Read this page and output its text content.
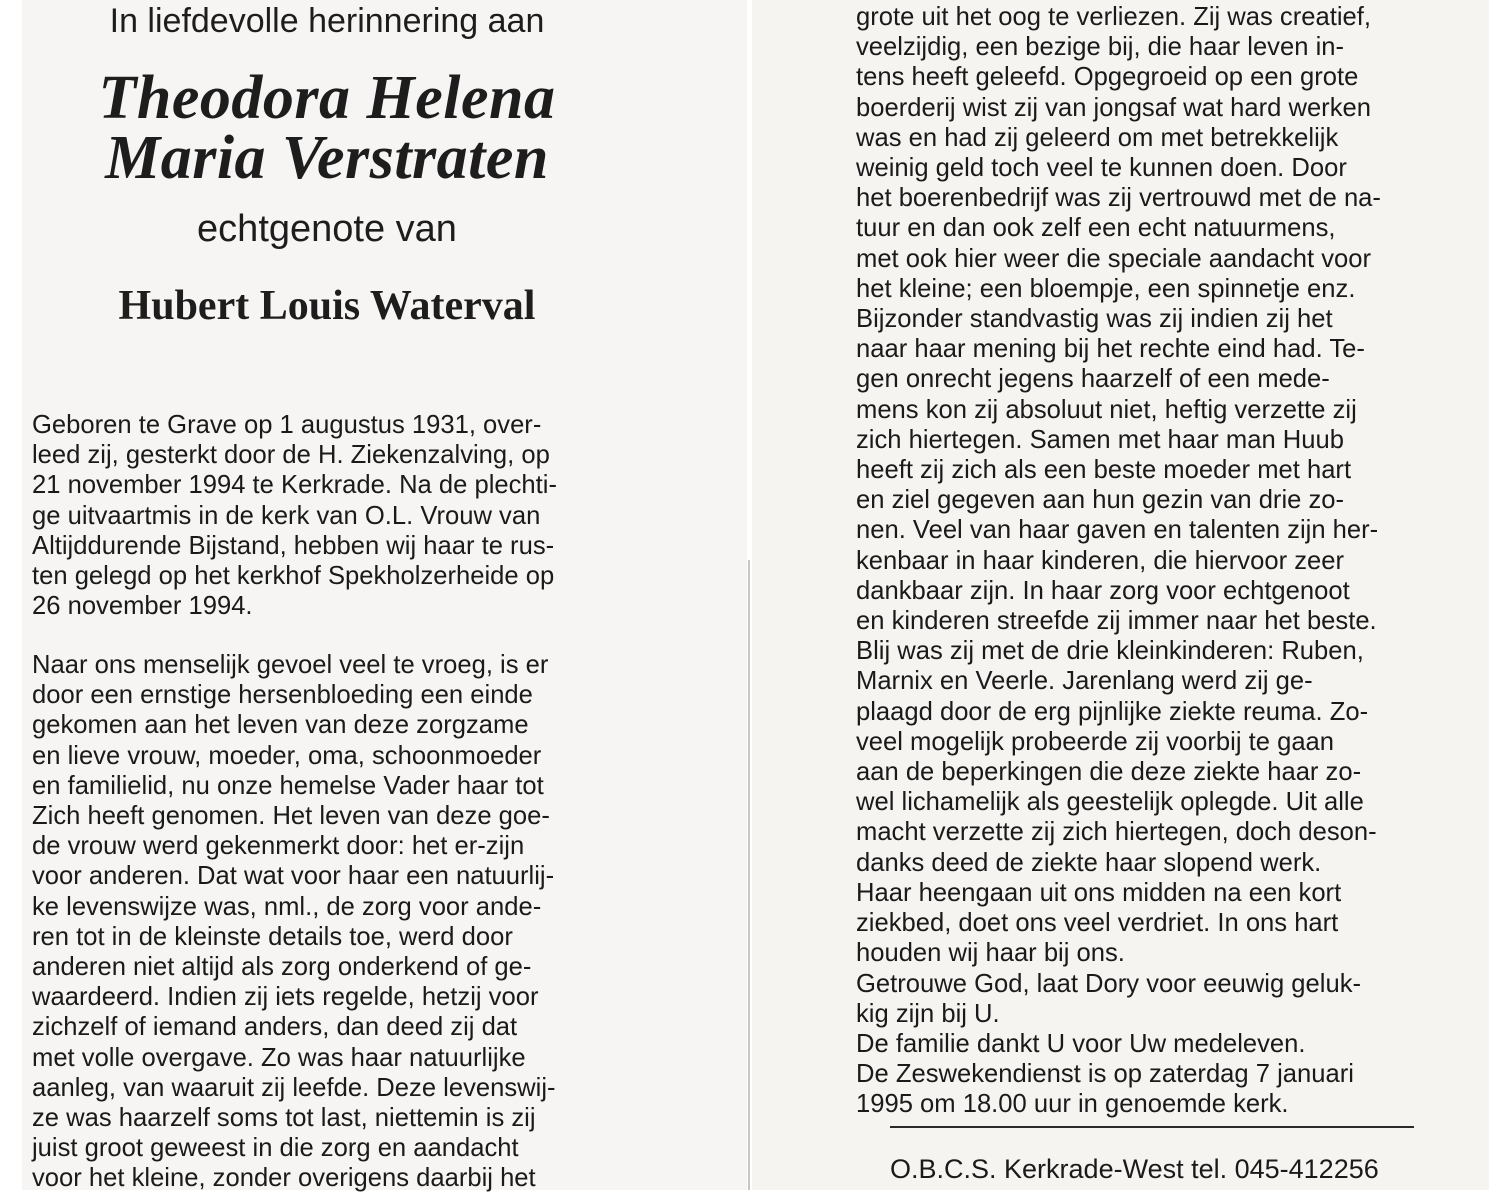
In liefdevolle herinnering aan
Theodora Helena
Maria Verstraten
echtgenote van
Hubert Louis Waterval
Geboren te Grave op 1 augustus 1931, over-
leed zij, gesterkt door de H. Ziekenzalving, op
21 november 1994 te Kerkrade. Na de plechti-
ge uitvaartmis in de kerk van O.L. Vrouw van
Altijddurende Bijstand, hebben wij haar te rus-
ten gelegd op het kerkhof Spekholzerheide op
26 november 1994.
Naar ons menselijk gevoel veel te vroeg, is er
door een ernstige hersenbloeding een einde
gekomen aan het leven van deze zorgzame
en lieve vrouw, moeder, oma, schoonmoeder
en familielid, nu onze hemelse Vader haar tot
Zich heeft genomen. Het leven van deze goe-
de vrouw werd gekenmerkt door: het er-zijn
voor anderen. Dat wat voor haar een natuurlij-
ke levenswijze was, nml., de zorg voor ande-
ren tot in de kleinste details toe, werd door
anderen niet altijd als zorg onderkend of ge-
waardeerd. Indien zij iets regelde, hetzij voor
zichzelf of iemand anders, dan deed zij dat
met volle overgave. Zo was haar natuurlijke
aanleg, van waaruit zij leefde. Deze levenswij-
ze was haarzelf soms tot last, niettemin is zij
juist groot geweest in die zorg en aandacht
voor het kleine, zonder overigens daarbij het
grote uit het oog te verliezen. Zij was creatief,
veelzijdig, een bezige bij, die haar leven in-
tens heeft geleefd. Opgegroeid op een grote
boerderij wist zij van jongsaf wat hard werken
was en had zij geleerd om met betrekkelijk
weinig geld toch veel te kunnen doen. Door
het boerenbedrijf was zij vertrouwd met de na-
tuur en dan ook zelf een echt natuurmens,
met ook hier weer die speciale aandacht voor
het kleine; een bloempje, een spinnetje enz.
Bijzonder standvastig was zij indien zij het
naar haar mening bij het rechte eind had. Te-
gen onrecht jegens haarzelf of een mede-
mens kon zij absoluut niet, heftig verzette zij
zich hiertegen. Samen met haar man Huub
heeft zij zich als een beste moeder met hart
en ziel gegeven aan hun gezin van drie zo-
nen. Veel van haar gaven en talenten zijn her-
kenbaar in haar kinderen, die hiervoor zeer
dankbaar zijn. In haar zorg voor echtgenoot
en kinderen streefde zij immer naar het beste.
Blij was zij met de drie kleinkinderen: Ruben,
Marnix en Veerle. Jarenlang werd zij ge-
plaagd door de erg pijnlijke ziekte reuma. Zo-
veel mogelijk probeerde zij voorbij te gaan
aan de beperkingen die deze ziekte haar zo-
wel lichamelijk als geestelijk oplegde. Uit alle
macht verzette zij zich hiertegen, doch deson-
danks deed de ziekte haar slopend werk.
Haar heengaan uit ons midden na een kort
ziekbed, doet ons veel verdriet. In ons hart
houden wij haar bij ons.
Getrouwe God, laat Dory voor eeuwig geluk-
kig zijn bij U.
De familie dankt U voor Uw medeleven.
De Zeswekendienst is op zaterdag 7 januari
1995 om 18.00 uur in genoemde kerk.
O.B.C.S. Kerkrade-West tel. 045-412256
